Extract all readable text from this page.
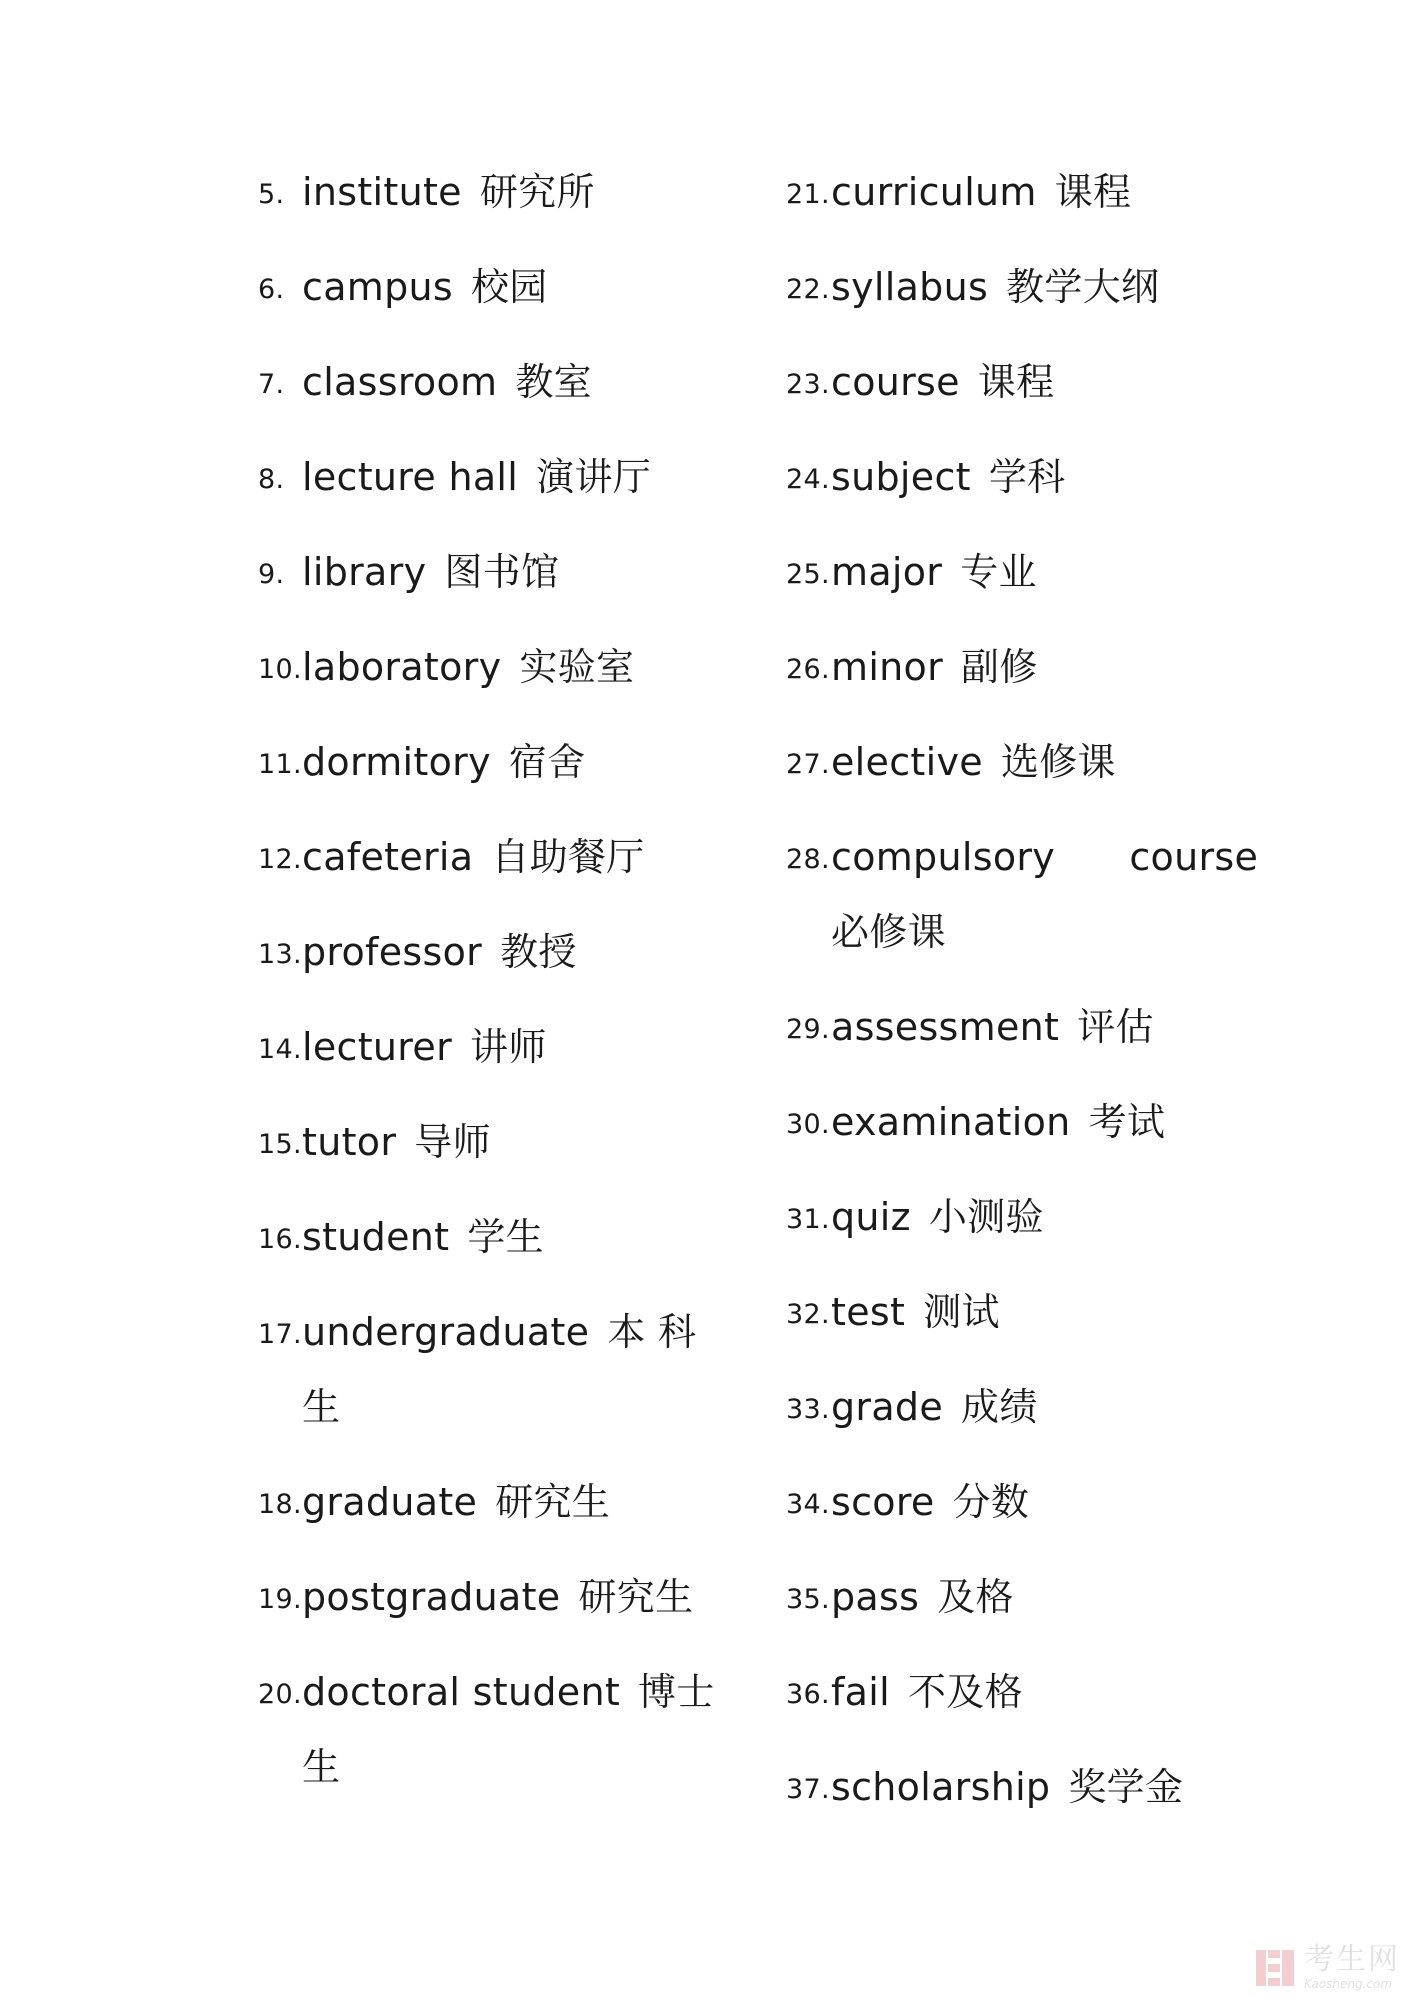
5. institute 研究所
6. campus 校园
7. classroom 教室
8. lecture hall 演讲厅
9. library 图书馆
10. laboratory 实验室
11. dormitory 宿舍
12. cafeteria 自助餐厅
13. professor 教授
14. lecturer 讲师
15. tutor 导师
16. student 学生
17. undergraduate 本 科
生
18. graduate 研究生
19. postgraduate 研究生
20. doctoral student 博士
生
21. curriculum 课程
22. syllabus 教学大纲
23. course 课程
24. subject 学科
25. major 专业
26. minor 副修
27. elective 选修课
28. compulsory      course
必修课
29. assessment 评估
30. examination 考试
31. quiz 小测验
32. test 测试
33. grade 成绩
34. score 分数
35. pass 及格
36. fail 不及格
37. scholarship 奖学金
考生网
Kaosheng.com
